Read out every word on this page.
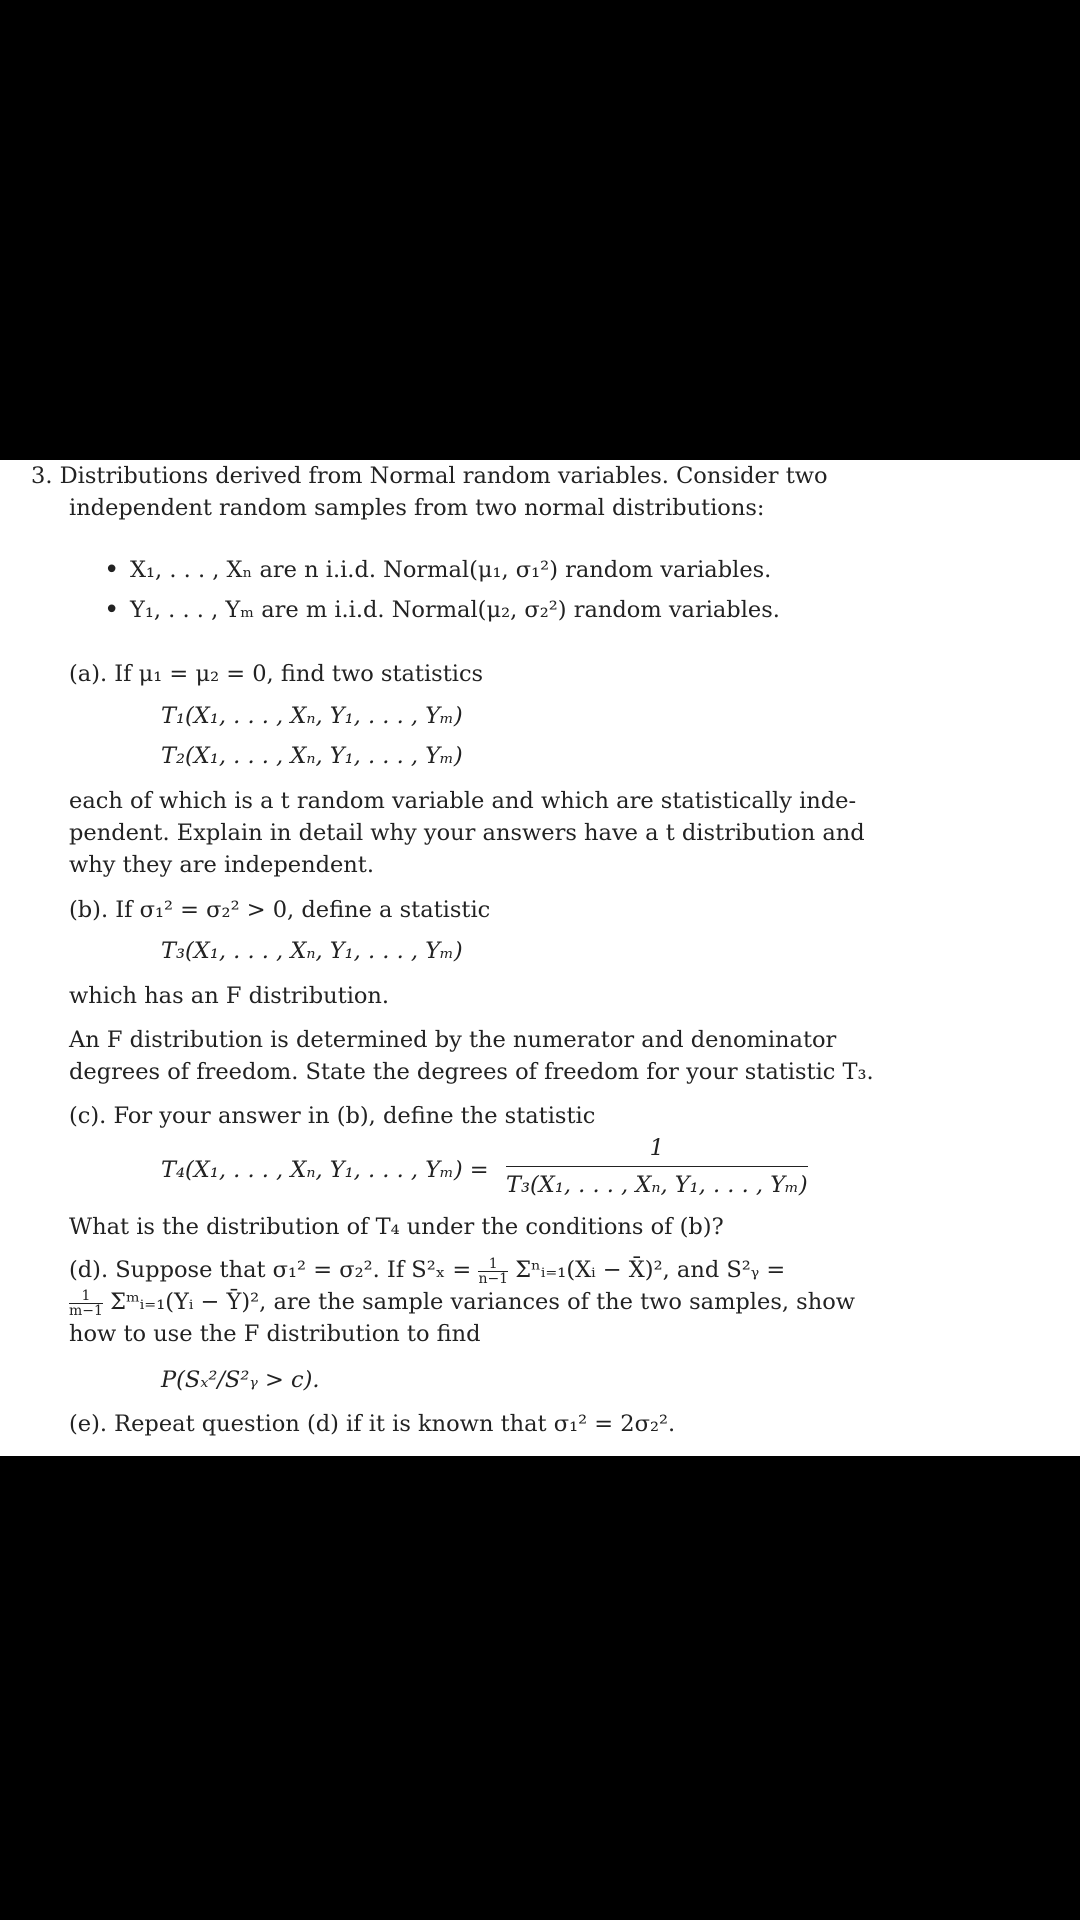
3. Distributions derived from Normal random variables. Consider two
independent random samples from two normal distributions:
• X₁, . . . , Xₙ are n i.i.d. Normal(μ₁, σ₁²) random variables.
• Y₁, . . . , Yₘ are m i.i.d. Normal(μ₂, σ₂²) random variables.
(a). If μ₁ = μ₂ = 0, find two statistics
T₁(X₁, . . . , Xₙ, Y₁, . . . , Yₘ)
T₂(X₁, . . . , Xₙ, Y₁, . . . , Yₘ)
each of which is a t random variable and which are statistically inde-
pendent. Explain in detail why your answers have a t distribution and
why they are independent.
(b). If σ₁² = σ₂² > 0, define a statistic
T₃(X₁, . . . , Xₙ, Y₁, . . . , Yₘ)
which has an F distribution.
An F distribution is determined by the numerator and denominator
degrees of freedom. State the degrees of freedom for your statistic T₃.
(c). For your answer in (b), define the statistic
T₄(X₁, . . . , Xₙ, Y₁, . . . , $Y_m) = \frac{1}{\text{T₃(X₁, . . . , Xₙ, Y₁, . . . , Yₘ)}}$
What is the distribution of T₄ under the conditions of (b)?
(d). Suppose that σ₁² = σ₂². If $S^2_x = \frac{1}{n-1}$ Σⁿᵢ₌₁(Xᵢ − X̄)², and S²ᵧ =
$\frac{1}{m-1}$ Σᵐᵢ₌₁(Yᵢ − Ȳ)², are the sample variances of the two samples, show
how to use the F distribution to find
P(Sₓ²/S²ᵧ > c).
(e). Repeat question (d) if it is known that σ₁² = 2σ₂².
